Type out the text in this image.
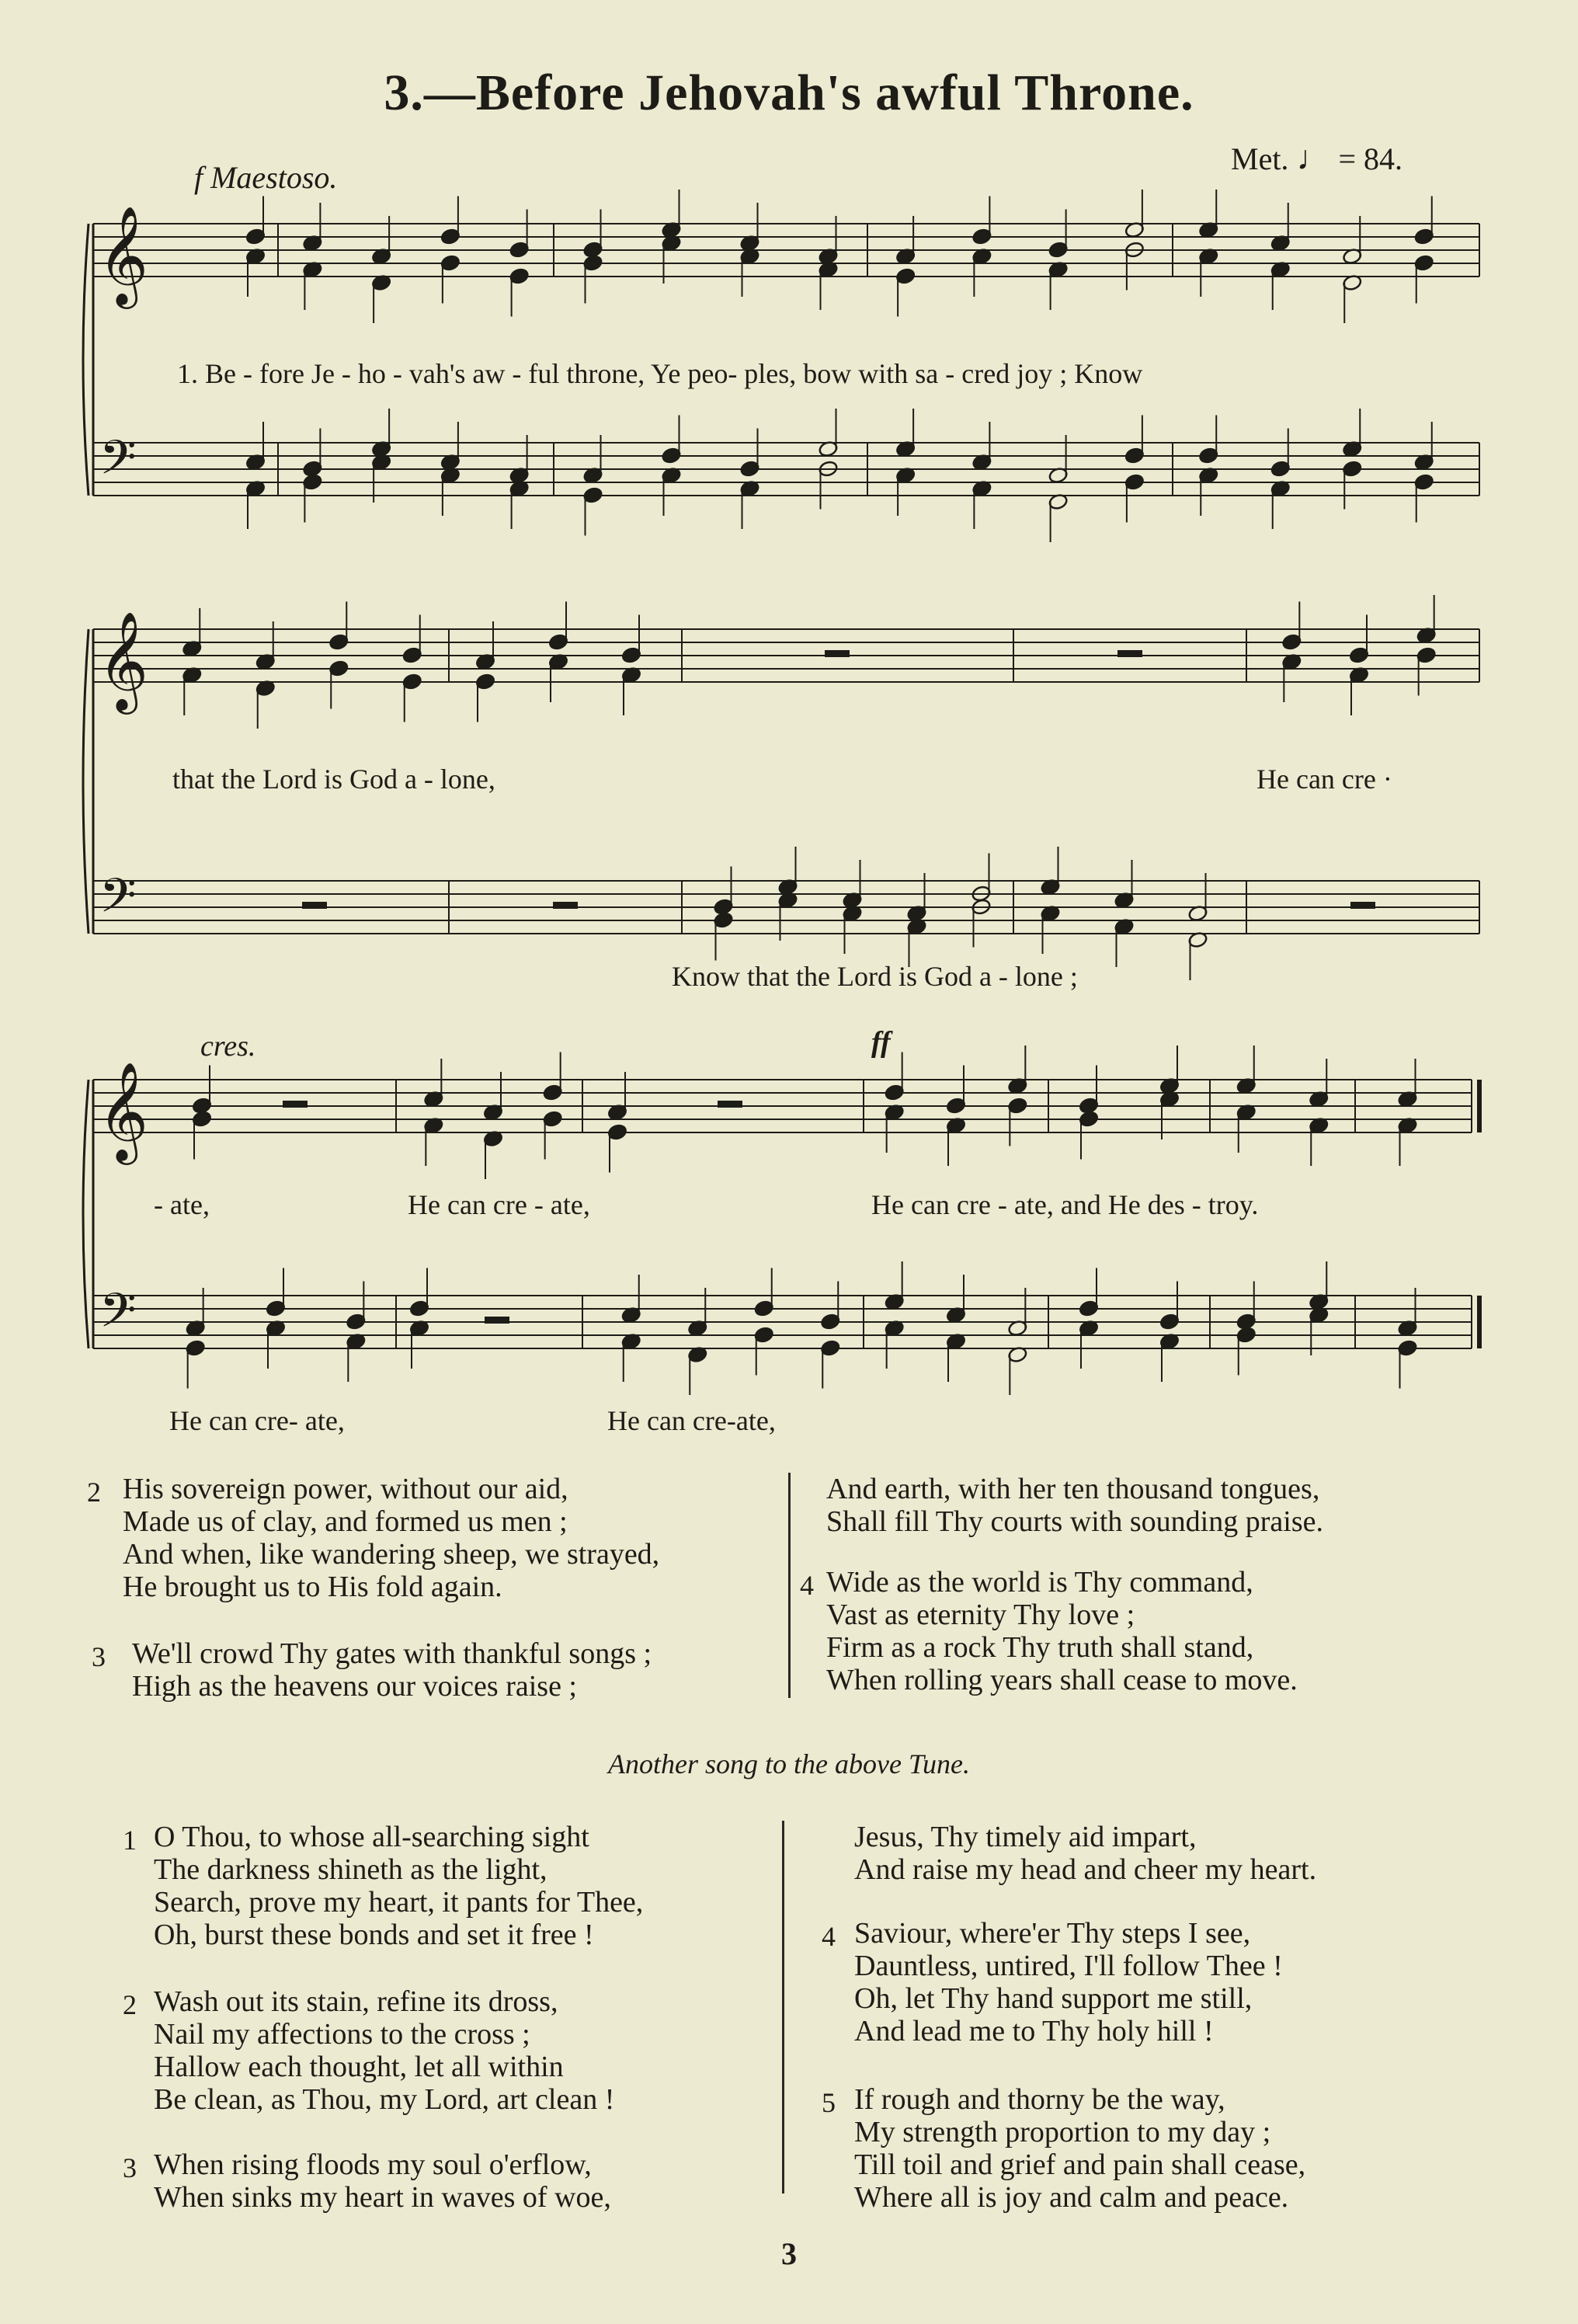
3.—Before Jehovah's awful Throne.
f Maestoso.
Met. ♩ = 84.
𝄞
𝄢
𝄞
𝄢
𝄞
𝄢
1. Be - fore Je - ho - vah's aw - ful throne, Ye peo- ples, bow with sa - cred joy ; Know
that the Lord is God a - lone,	He can cre ·
Know that the Lord is God a - lone ;
cres.	ff
- ate,	He can cre - ate,	He can cre - ate, and He des - troy.
He can cre- ate,	He can cre-ate,
2 His sovereign power, without our aid,
Made us of clay, and formed us men ;
And when, like wandering sheep, we strayed,
He brought us to His fold again.
3 We'll crowd Thy gates with thankful songs ;
High as the heavens our voices raise ;
And earth, with her ten thousand tongues,
Shall fill Thy courts with sounding praise.
4 Wide as the world is Thy command,
Vast as eternity Thy love ;
Firm as a rock Thy truth shall stand,
When rolling years shall cease to move.
Another song to the above Tune.
1 O Thou, to whose all-searching sight
The darkness shineth as the light,
Search, prove my heart, it pants for Thee,
Oh, burst these bonds and set it free !
2 Wash out its stain, refine its dross,
Nail my affections to the cross ;
Hallow each thought, let all within
Be clean, as Thou, my Lord, art clean !
3 When rising floods my soul o'erflow,
When sinks my heart in waves of woe,
Jesus, Thy timely aid impart,
And raise my head and cheer my heart.
4 Saviour, where'er Thy steps I see,
Dauntless, untired, I'll follow Thee !
Oh, let Thy hand support me still,
And lead me to Thy holy hill !
5 If rough and thorny be the way,
My strength proportion to my day ;
Till toil and grief and pain shall cease,
Where all is joy and calm and peace.
3
